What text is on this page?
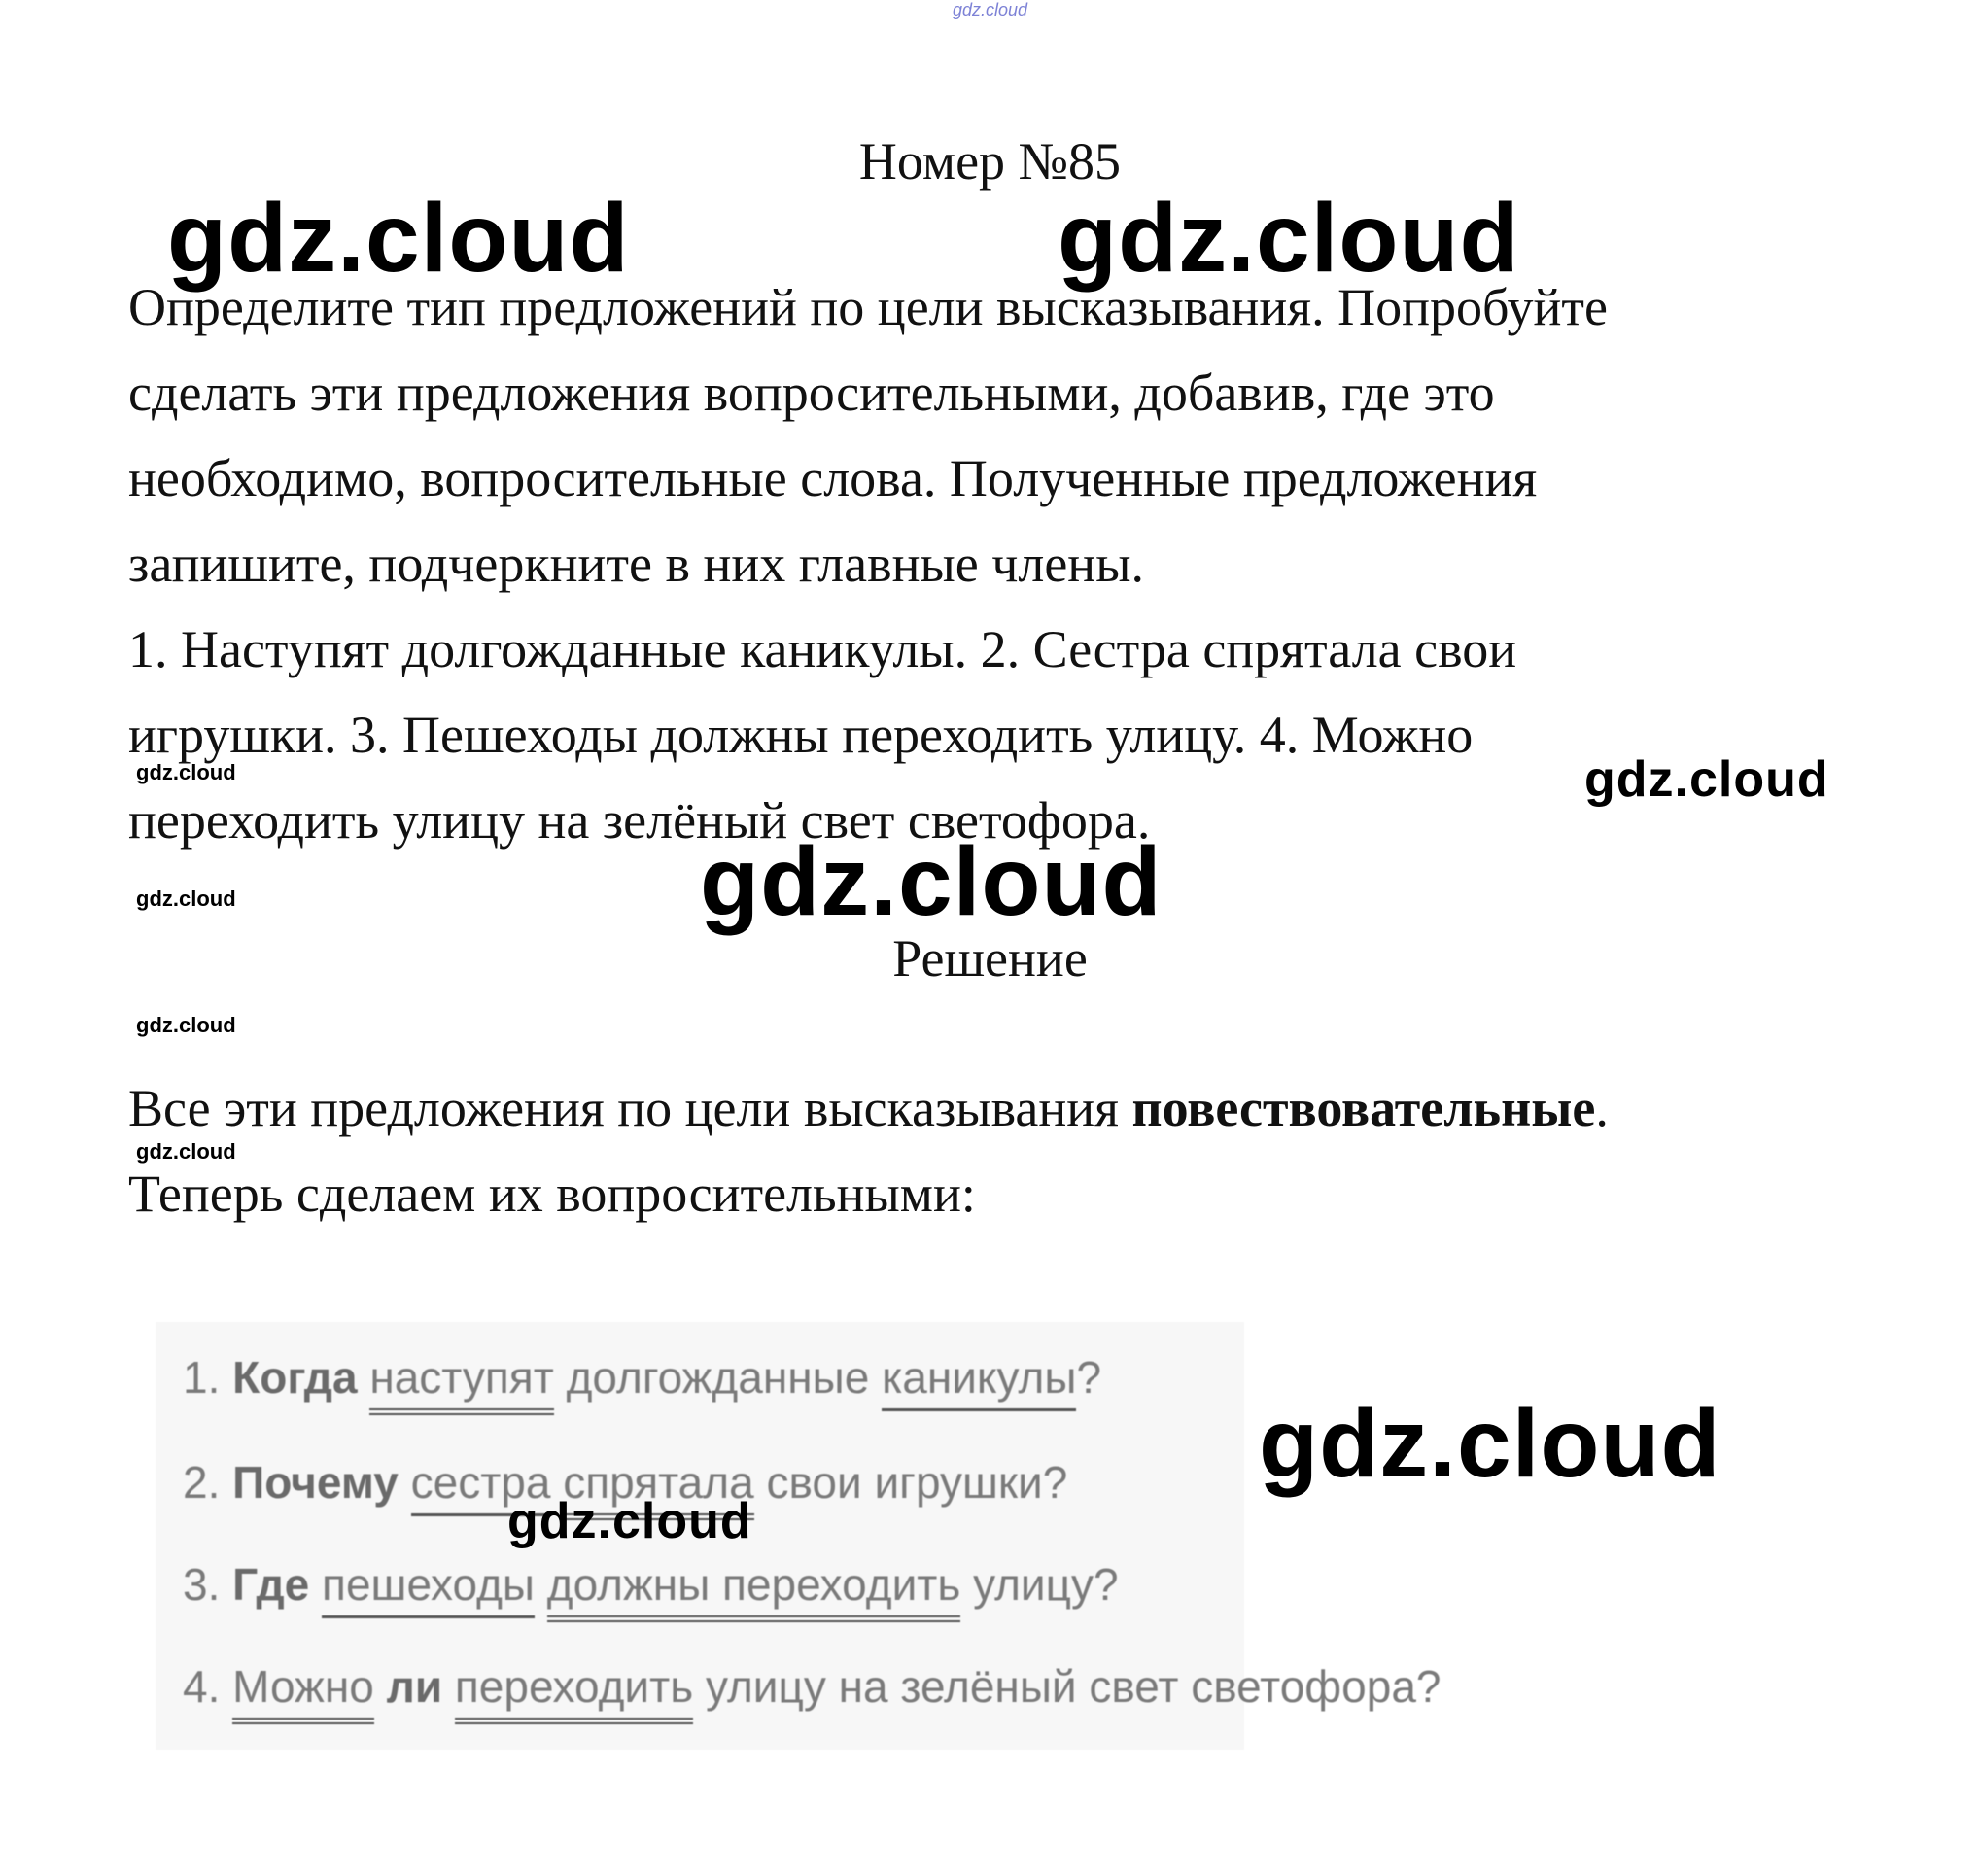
gdz.cloud
Номер №85

Определите тип предложений по цели высказывания. Попробуйте

сделать эти предложения вопросительными, добавив, где это

необходимо, вопросительные слова. Полученные предложения

запишите, подчеркните в них главные члены.

1. Наступят долгожданные каникулы. 2. Сестра спрятала свои

игрушки. 3. Пешеходы должны переходить улицу. 4. Можно

переходить улицу на зелёный свет светофора.

Решение

Все эти предложения по цели высказывания повествовательные.

Теперь сделаем их вопросительными:

1. Когда наступят долгожданные каникулы?
2. Почему сестра спрятала свои игрушки?
3. Где пешеходы должны переходить улицу?
4. Можно ли переходить улицу на зелёный свет светофора?
gdz.cloud	gdz.cloud
gdz.cloud	gdz.cloud
gdz.cloud
gdz.cloud
gdz.cloud
gdz.cloud
gdz.cloud
gdz.cloud
